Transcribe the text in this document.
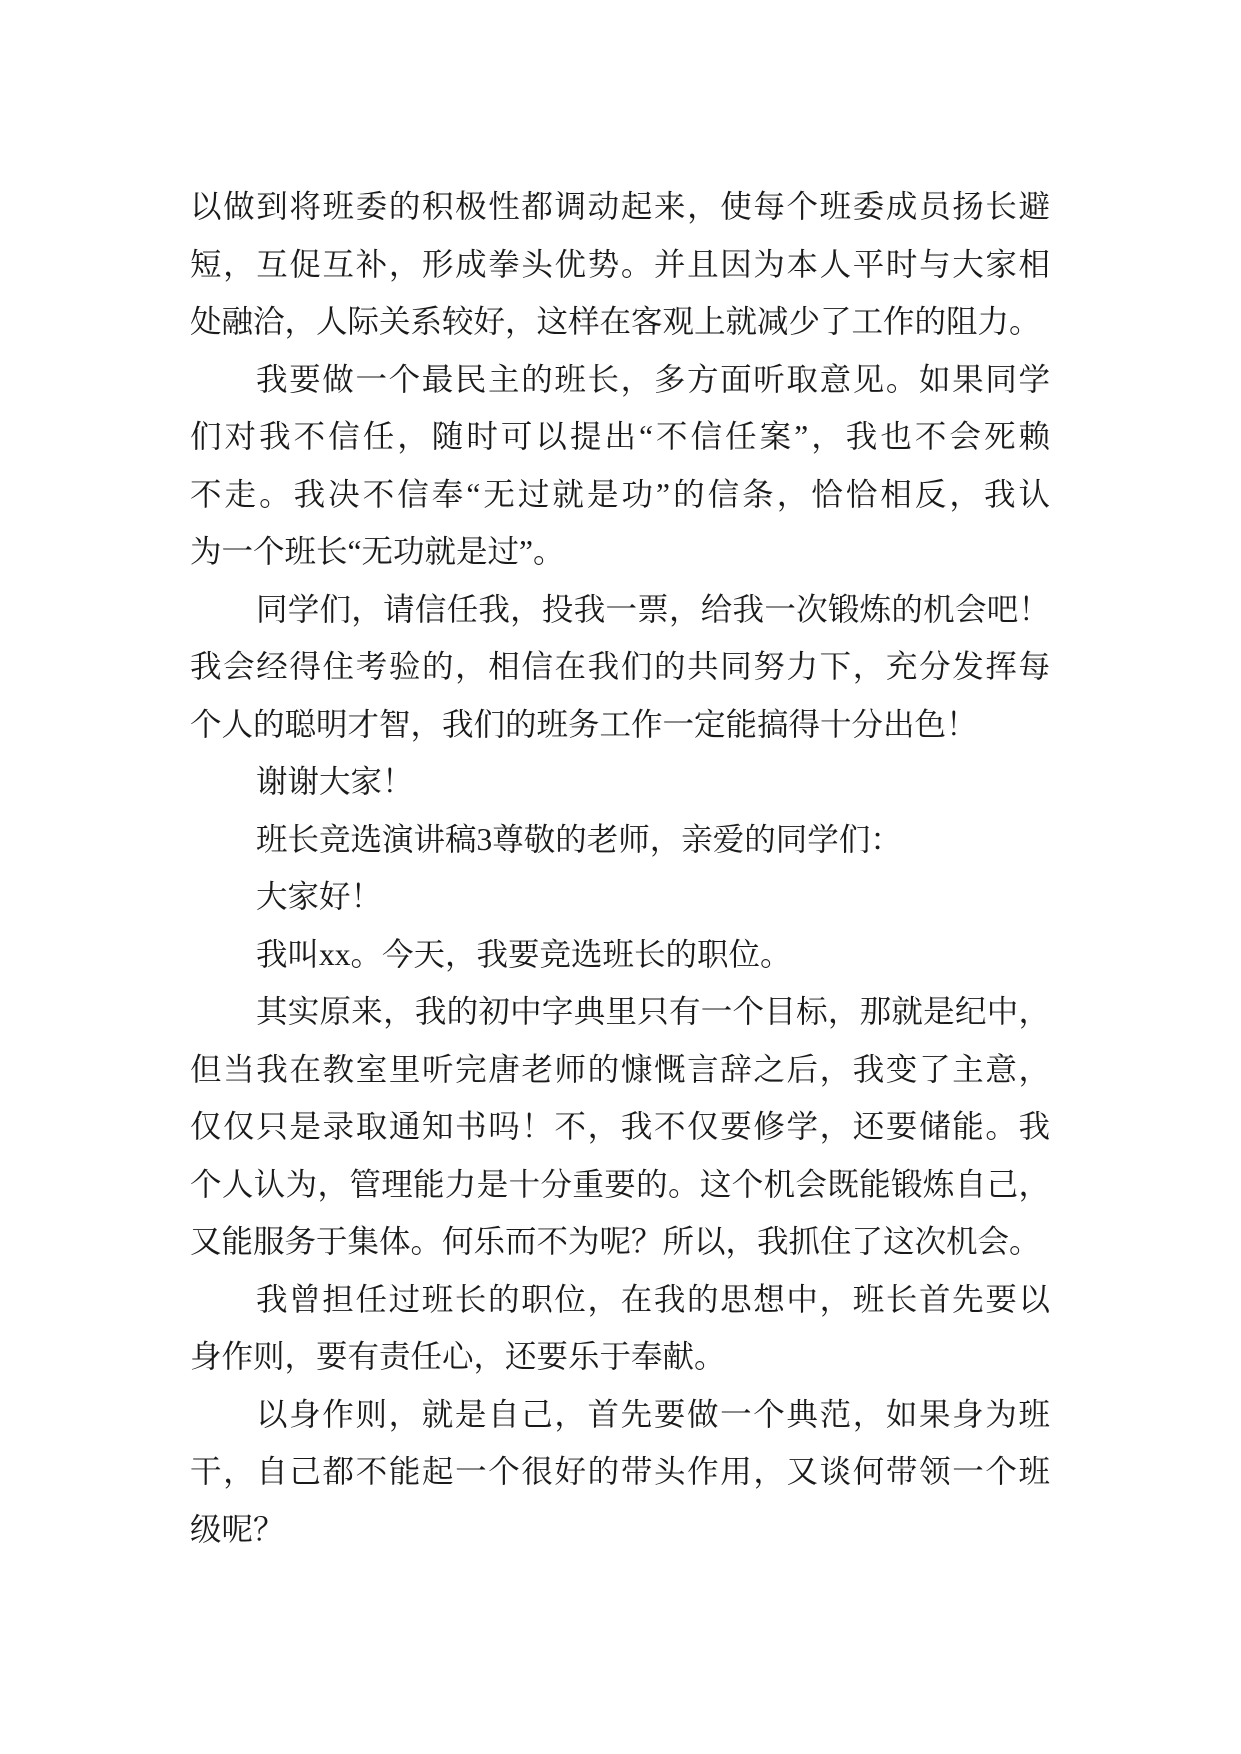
以做到将班委的积极性都调动起来，使每个班委成员扬长避
短，互促互补，形成拳头优势。并且因为本人平时与大家相
处融洽，人际关系较好，这样在客观上就减少了工作的阻力。
我要做一个最民主的班长，多方面听取意见。如果同学
们对我不信任，随时可以提出“不信任案”，我也不会死赖
不走。我决不信奉“无过就是功”的信条，恰恰相反，我认
为一个班长“无功就是过”。
同学们，请信任我，投我一票，给我一次锻炼的机会吧！
我会经得住考验的，相信在我们的共同努力下，充分发挥每
个人的聪明才智，我们的班务工作一定能搞得十分出色！
谢谢大家！
班长竞选演讲稿3尊敬的老师，亲爱的同学们：
大家好！
我叫xx。今天，我要竞选班长的职位。
其实原来，我的初中字典里只有一个目标，那就是纪中，
但当我在教室里听完唐老师的慷慨言辞之后，我变了主意，
仅仅只是录取通知书吗！不，我不仅要修学，还要储能。我
个人认为，管理能力是十分重要的。这个机会既能锻炼自己，
又能服务于集体。何乐而不为呢？所以，我抓住了这次机会。
我曾担任过班长的职位，在我的思想中，班长首先要以
身作则，要有责任心，还要乐于奉献。
以身作则，就是自己，首先要做一个典范，如果身为班
干，自己都不能起一个很好的带头作用，又谈何带领一个班
级呢？
